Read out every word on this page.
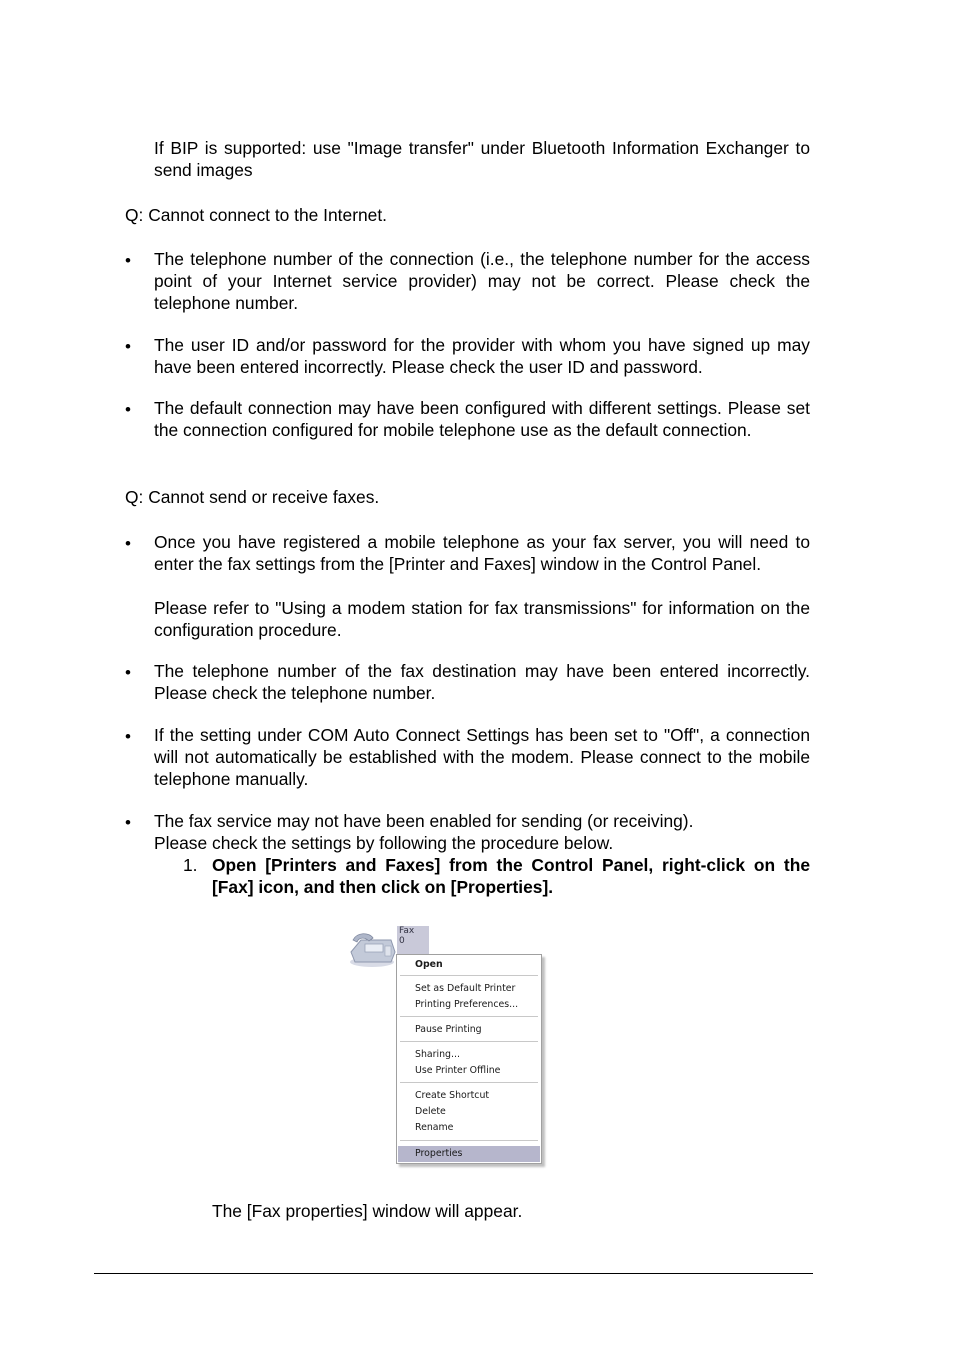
If BIP is supported: use "Image transfer" under Bluetooth Information Exchanger to send images

Q: Cannot connect to the Internet.

•	The telephone number of the connection (i.e., the telephone number for the access point of your Internet service provider) may not be correct. Please check the telephone number.

•	The user ID and/or password for the provider with whom you have signed up may have been entered incorrectly. Please check the user ID and password.

•	The default connection may have been configured with different settings. Please set the connection configured for mobile telephone use as the default connection.

Q: Cannot send or receive faxes.

•	Once you have registered a mobile telephone as your fax server, you will need to enter the fax settings from the [Printer and Faxes] window in the Control Panel.

Please refer to "Using a modem station for fax transmissions" for information on the configuration procedure.

•	The telephone number of the fax destination may have been entered incorrectly. Please check the telephone number.

•	If the setting under COM Auto Connect Settings has been set to "Off", a connection will not automatically be established with the modem. Please connect to the mobile telephone manually.

•	The fax service may not have been enabled for sending (or receiving).

Please check the settings by following the procedure below.

1. Open [Printers and Faxes] from the Control Panel, right-click on the [Fax] icon, and then click on [Properties].

Fax
0
Open
Set as Default Printer
Printing Preferences...
Pause Printing
Sharing...
Use Printer Offline
Create Shortcut
Delete
Rename
Properties

The [Fax properties] window will appear.
